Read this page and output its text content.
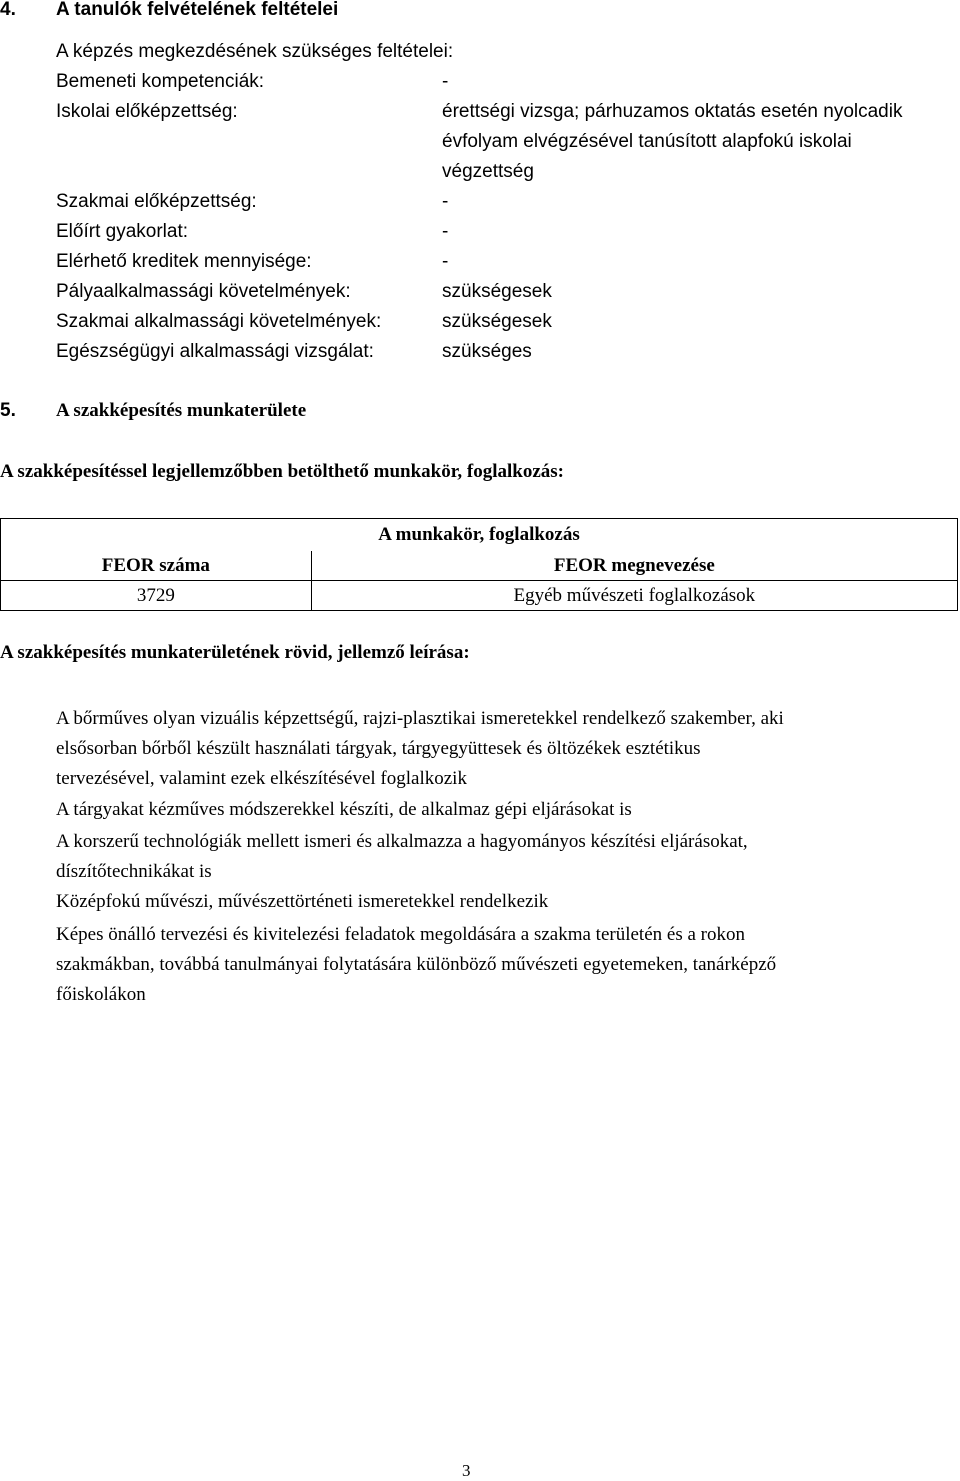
4. A tanulók felvételének feltételei
A képzés megkezdésének szükséges feltételei:
Bemeneti kompetenciák:	-
Iskolai előképzettség:	érettségi vizsga; párhuzamos oktatás esetén nyolcadik
évfolyam elvégzésével tanúsított alapfokú iskolai
végzettség
Szakmai előképzettség:	-
Előírt gyakorlat:	-
Elérhető kreditek mennyisége:	-
Pályaalkalmassági követelmények:	szükségesek
Szakmai alkalmassági követelmények:	szükségesek
Egészségügyi alkalmassági vizsgálat:	szükséges
5. A szakképesítés munkaterülete
A szakképesítéssel legjellemzőbben betölthető munkakör, foglalkozás:
A munkakör, foglalkozás	
FEOR száma	FEOR megnevezése
3729	Egyéb művészeti foglalkozások
A szakképesítés munkaterületének rövid, jellemző leírása:
A bőrműves olyan vizuális képzettségű, rajzi-plasztikai ismeretekkel rendelkező szakember, aki
elsősorban bőrből készült használati tárgyak, tárgyegyüttesek és öltözékek esztétikus
tervezésével, valamint ezek elkészítésével foglalkozik
A tárgyakat kézműves módszerekkel készíti, de alkalmaz gépi eljárásokat is
A korszerű technológiák mellett ismeri és alkalmazza a hagyományos készítési eljárásokat,
díszítőtechnikákat is
Középfokú művészi, művészettörténeti ismeretekkel rendelkezik
Képes önálló tervezési és kivitelezési feladatok megoldására a szakma területén és a rokon
szakmákban, továbbá tanulmányai folytatására különböző művészeti egyetemeken, tanárképző
főiskolákon
3
